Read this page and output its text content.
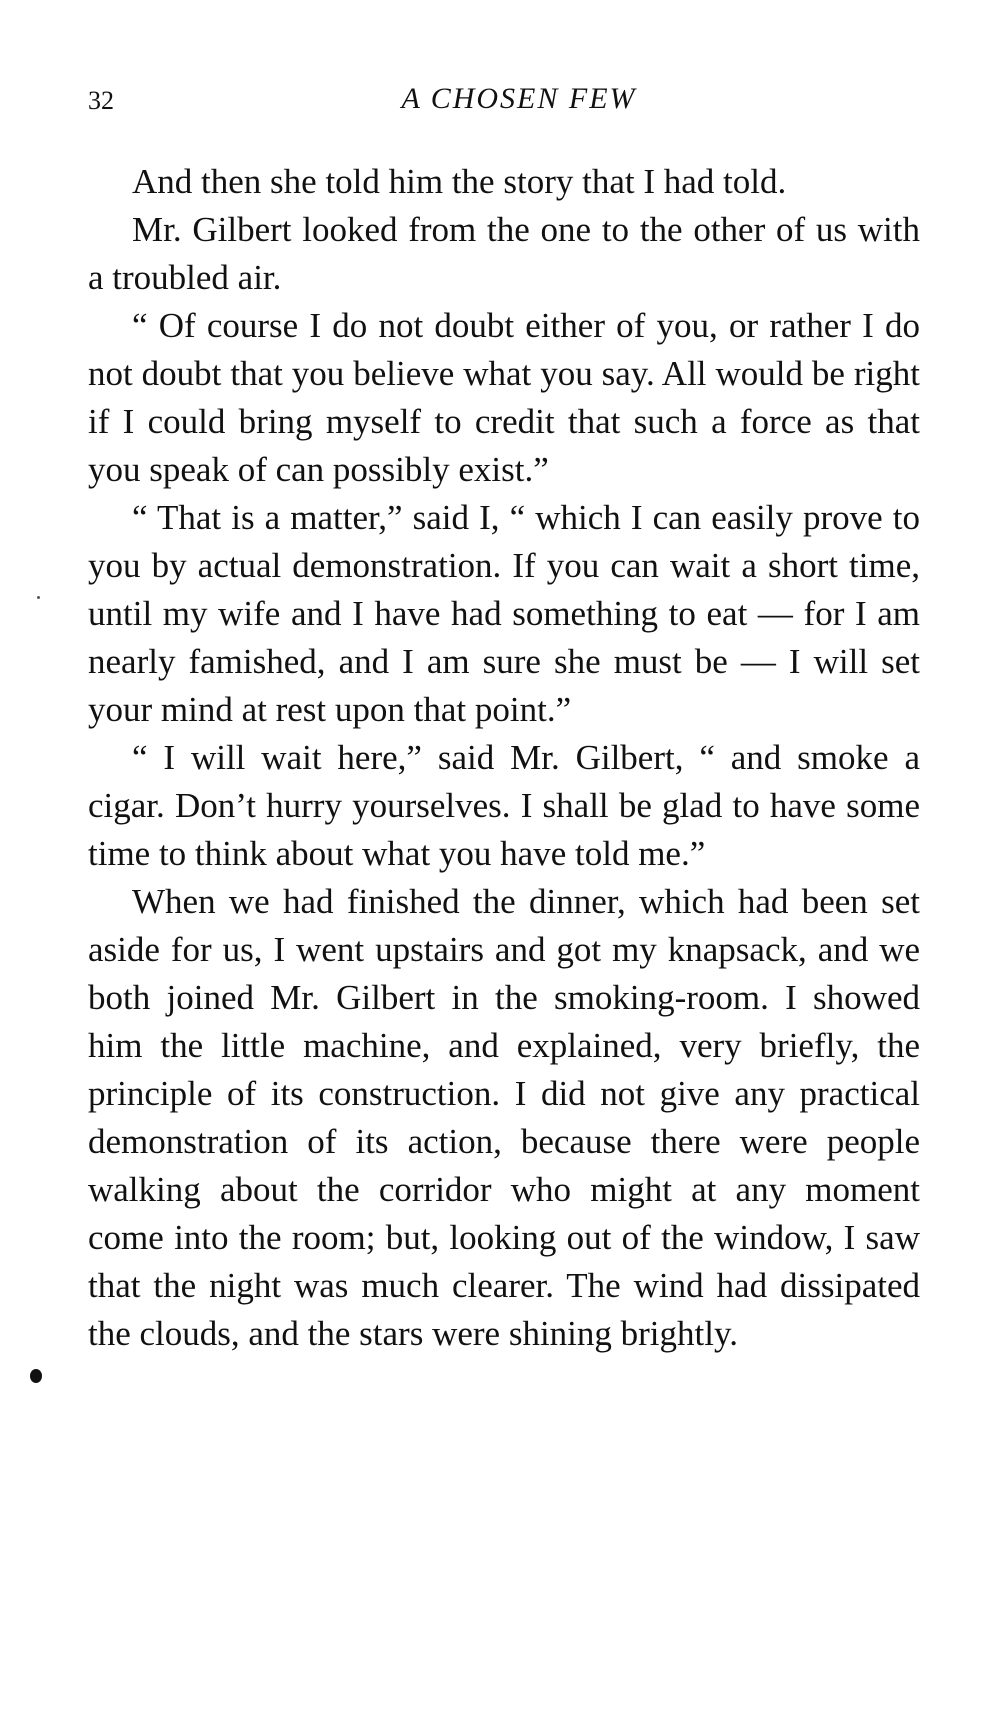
32	A CHOSEN FEW

And then she told him the story that I had told.

Mr. Gilbert looked from the one to the other of us with a troubled air.

“ Of course I do not doubt either of you, or rather I do not doubt that you believe what you say. All would be right if I could bring myself to credit that such a force as that you speak of can possibly exist.”

“ That is a matter,” said I, “ which I can easily prove to you by actual demonstration. If you can wait a short time, until my wife and I have had something to eat — for I am nearly famished, and I am sure she must be — I will set your mind at rest upon that point.”

“ I will wait here,” said Mr. Gilbert, “ and smoke a cigar. Don’t hurry yourselves. I shall be glad to have some time to think about what you have told me.”

When we had finished the dinner, which had been set aside for us, I went upstairs and got my knapsack, and we both joined Mr. Gilbert in the smoking-room. I showed him the little machine, and explained, very briefly, the principle of its construction. I did not give any practical demonstration of its action, because there were people walking about the corridor who might at any moment come into the room; but, looking out of the window, I saw that the night was much clearer. The wind had dissipated the clouds, and the stars were shining brightly.
